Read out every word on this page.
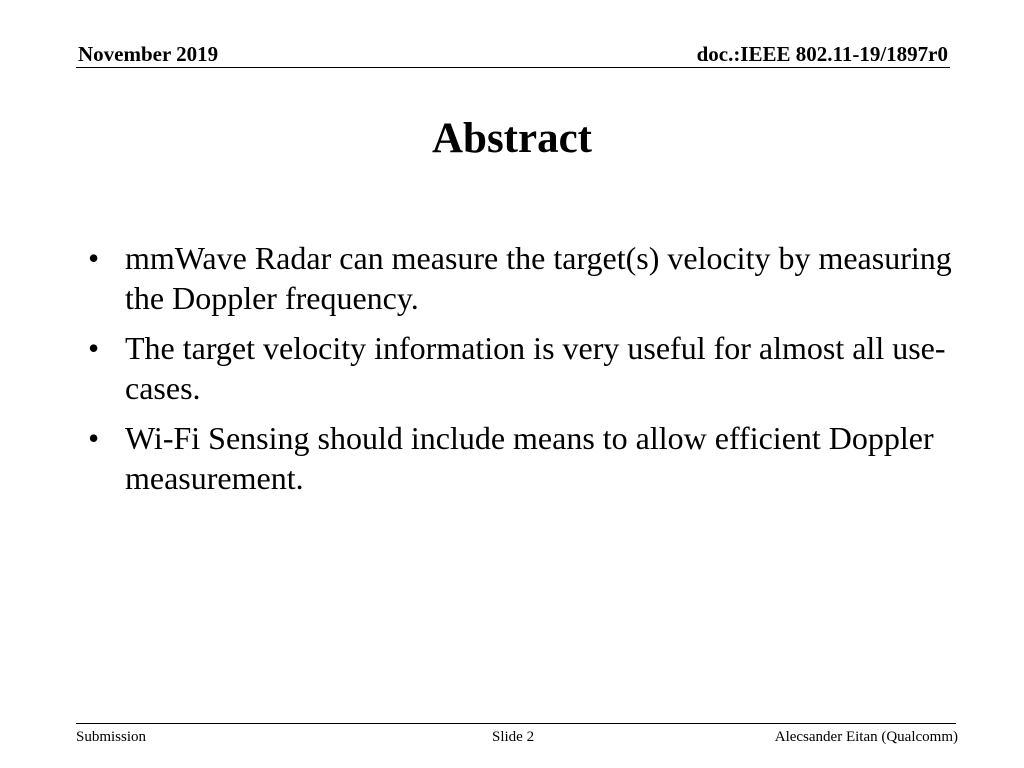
November 2019	doc.:IEEE 802.11-19/1897r0
Abstract
• mmWave Radar can measure the target(s) velocity by measuring the Doppler frequency.
• The target velocity information is very useful for almost all use-cases.
• Wi-Fi Sensing should include means to allow efficient Doppler measurement.
Submission	Slide 2	Alecsander Eitan (Qualcomm)
